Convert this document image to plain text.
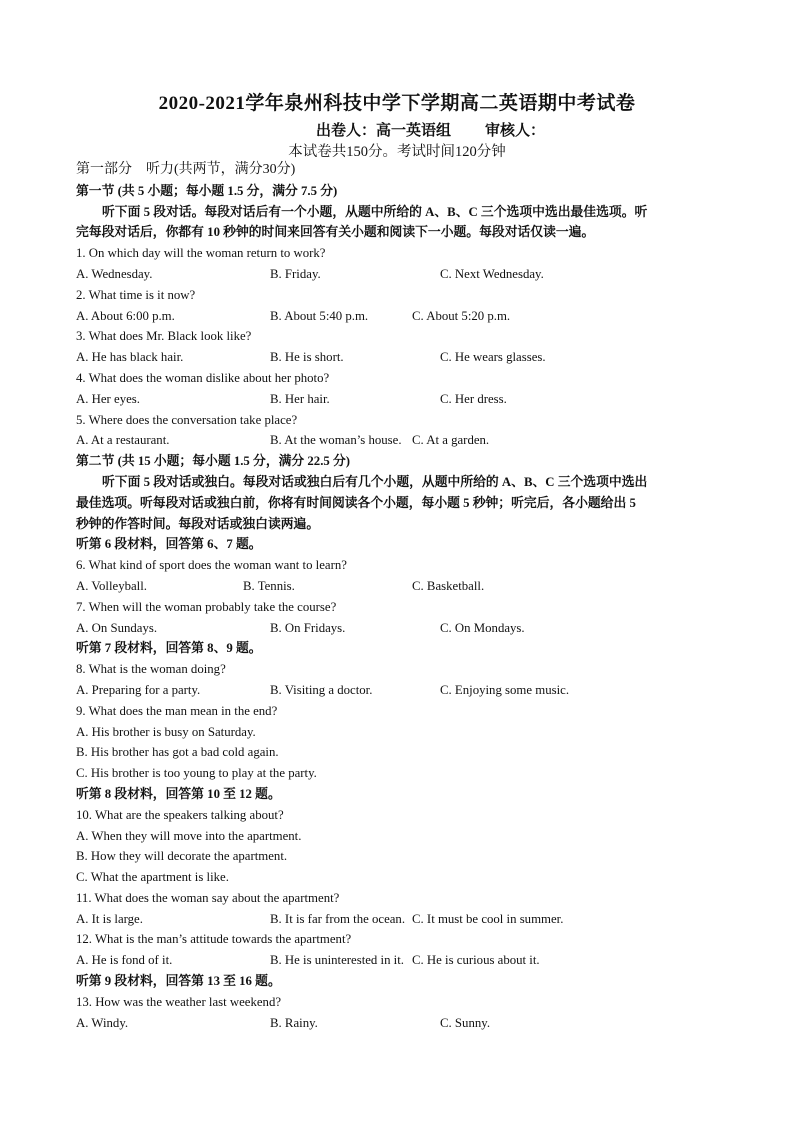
2020-2021学年泉州科技中学下学期高二英语期中考试卷
出卷人：高一英语组 审核人：
本试卷共150分。考试时间120分钟
第一部分　听力(共两节，满分30分)
第一节 (共 5 小题；每小题 1.5 分，满分 7.5 分)
听下面 5 段对话。每段对话后有一个小题，从题中所给的 A、B、C 三个选项中选出最佳选项。听
完每段对话后，你都有 10 秒钟的时间来回答有关小题和阅读下一小题。每段对话仅读一遍。
1. On which day will the woman return to work?
A. Wednesday.	B. Friday.	C. Next Wednesday.
2. What time is it now?
A. About 6:00 p.m.	B. About 5:40 p.m.	C. About 5:20 p.m.
3. What does Mr. Black look like?
A. He has black hair.	B. He is short.	C. He wears glasses.
4. What does the woman dislike about her photo?
A. Her eyes.	B. Her hair.	C. Her dress.
5. Where does the conversation take place?
A. At a restaurant.	B. At the woman’s house. C. At a garden.
第二节 (共 15 小题；每小题 1.5 分，满分 22.5 分)
听下面 5 段对话或独白。每段对话或独白后有几个小题，从题中所给的 A、B、C 三个选项中选出
最佳选项。听每段对话或独白前，你将有时间阅读各个小题，每小题 5 秒钟；听完后，各小题给出 5
秒钟的作答时间。每段对话或独白读两遍。
听第 6 段材料，回答第 6、7 题。
6. What kind of sport does the woman want to learn?
A. Volleyball.	B. Tennis.	C. Basketball.
7. When will the woman probably take the course?
A. On Sundays.	B. On Fridays.	C. On Mondays.
听第 7 段材料，回答第 8、9 题。
8. What is the woman doing?
A. Preparing for a party.	B. Visiting a doctor.	C. Enjoying some music.
9. What does the man mean in the end?
A. His brother is busy on Saturday.
B. His brother has got a bad cold again.
C. His brother is too young to play at the party.
听第 8 段材料，回答第 10 至 12 题。
10. What are the speakers talking about?
A. When they will move into the apartment.
B. How they will decorate the apartment.
C. What the apartment is like.
11. What does the woman say about the apartment?
A. It is large.	B. It is far from the ocean. C. It must be cool in summer.
12. What is the man’s attitude towards the apartment?
A. He is fond of it.	B. He is uninterested in it. C. He is curious about it.
听第 9 段材料，回答第 13 至 16 题。
13. How was the weather last weekend?
A. Windy.	B. Rainy.	C. Sunny.
